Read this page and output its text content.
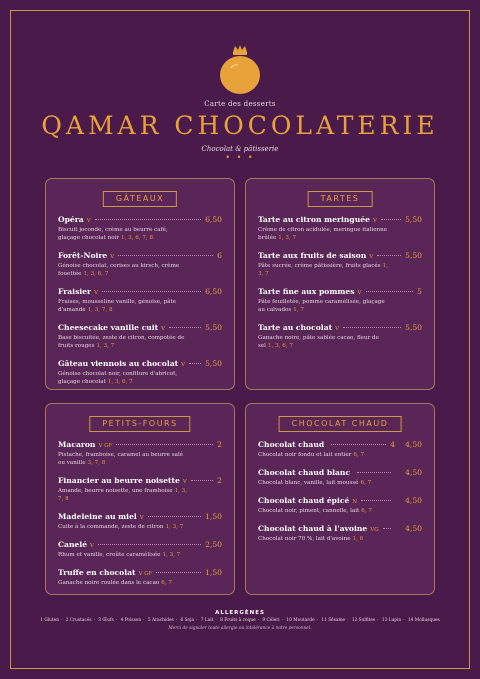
Carte des desserts
QAMAR CHOCOLATERIE
Chocolat & pâtisserie
• • •
GÂTEAUX
Opéra V	6,50
Biscuit joconde, crème au beurre café, glaçage chocolat noir 1, 3, 6, 7, 8
Forêt-Noire V	6
Génoise chocolat, cerises au kirsch, crème fouettée 1, 3, 6, 7
Fraisier V	6,50
Fraises, mousseline vanille, génoise, pâte d'amande 1, 3, 7, 8
Cheesecake vanille cuit V	5,50
Base biscuitée, zeste de citron, compotée de fruits rouges 1, 3, 7
Gâteau viennois au chocolat V	5,50
Génoise chocolat noir, confiture d'abricot, glaçage chocolat 1, 3, 6, 7
TARTES
Tarte au citron meringuée V	5,50
Crème de citron acidulée, meringue italienne brûlée 1, 3, 7
Tarte aux fruits de saison V	5,50
Pâte sucrée, crème pâtissière, fruits glacés 1, 3, 7
Tarte fine aux pommes V	5
Pâte feuilletée, pomme caramélisée, glaçage au calvados 1, 7
Tarte au chocolat V	5,50
Ganache noire, pâte sablée cacao, fleur de sel 1, 3, 6, 7
PETITS-FOURS
Macaron V GF	2
Pistache, framboise, caramel au beurre salé ou vanille 3, 7, 8
Financier au beurre noisette V	2
Amande, beurre noisette, une framboise 1, 3, 7, 8
Madeleine au miel V	1,50
Cuite à la commande, zeste de citron 1, 3, 7
Canelé V	2,50
Rhum et vanille, croûte caramélisée 1, 3, 7
Truffe en chocolat V GF	1,50
Ganache noire roulée dans le cacao 6, 7
CHOCOLAT CHAUD
Chocolat chaud	4 4,50
Chocolat noir fondu et lait entier 6, 7
Chocolat chaud blanc	4,50
Chocolat blanc, vanille, lait moussé 6, 7
Chocolat chaud épicé N	4,50
Chocolat noir, piment, cannelle, lait 6, 7
Chocolat chaud à l'avoine VG	4,50
Chocolat noir 70 %, lait d'avoine 1, 6
ALLERGÈNES
1 Gluten · 2 Crustacés · 3 Œufs · 4 Poisson · 5 Arachides · 6 Soja · 7 Lait · 8 Fruits à coque · 9 Céleri · 10 Moutarde · 11 Sésame · 12 Sulfites · 13 Lupin · 14 Mollusques
Merci de signaler toute allergie ou intolérance à notre personnel.
